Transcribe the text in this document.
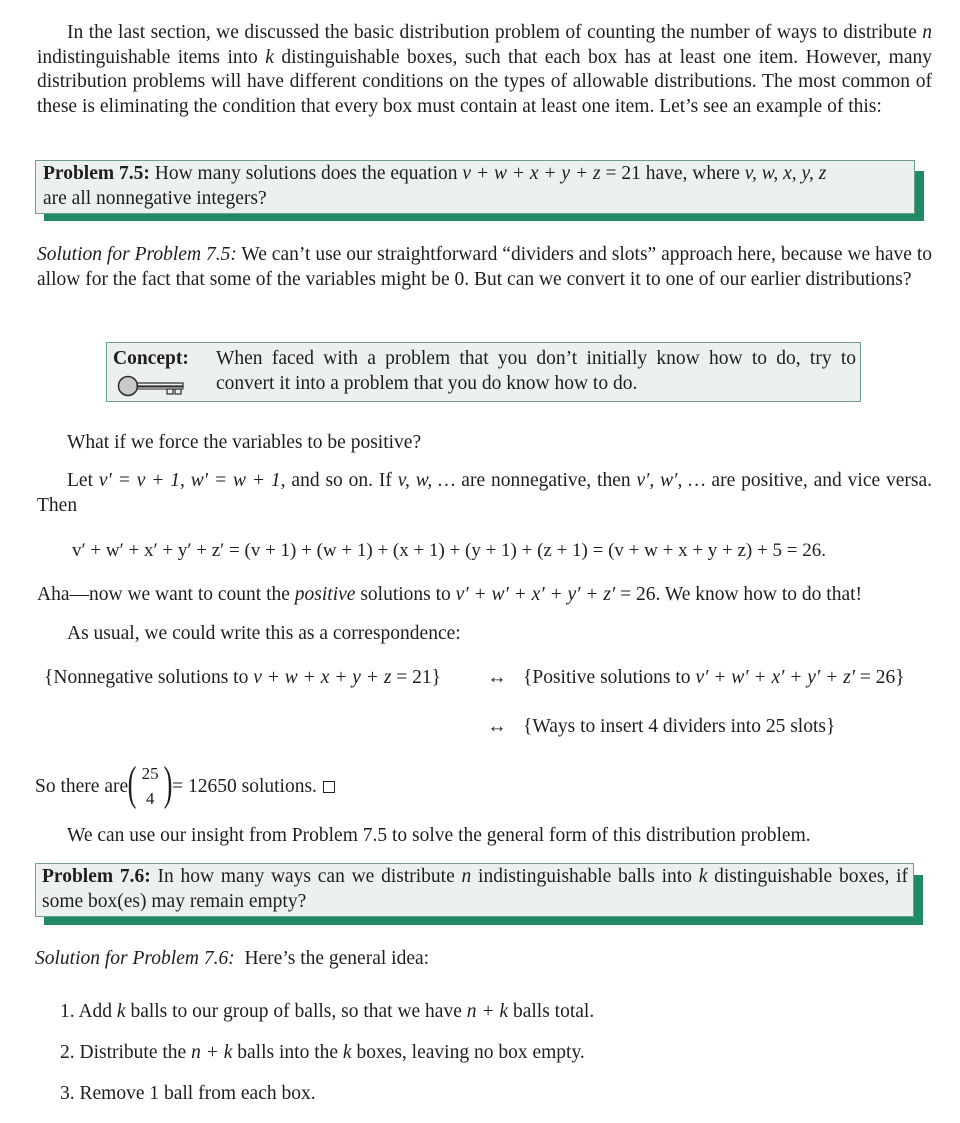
In the last section, we discussed the basic distribution problem of counting the number of ways to distribute n indistinguishable items into k distinguishable boxes, such that each box has at least one item. However, many distribution problems will have different conditions on the types of allowable distributions. The most common of these is eliminating the condition that every box must contain at least one item. Let’s see an example of this:
Problem 7.5: How many solutions does the equation v + w + x + y + z = 21 have, where v, w, x, y, z
are all nonnegative integers?
Solution for Problem 7.5: We can’t use our straightforward “dividers and slots” approach here, because we have to allow for the fact that some of the variables might be 0. But can we convert it to one of our earlier distributions?
Concept: When faced with a problem that you don’t initially know how to do, try to convert it into a problem that you do know how to do.
What if we force the variables to be positive?
Let v′ = v + 1, w′ = w + 1, and so on. If v, w, … are nonnegative, then v′, w′, … are positive, and vice versa. Then
v′ + w′ + x′ + y′ + z′ = (v + 1) + (w + 1) + (x + 1) + (y + 1) + (z + 1) = (v + w + x + y + z) + 5 = 26.
Aha—now we want to count the positive solutions to v′ + w′ + x′ + y′ + z′ = 26. We know how to do that!
As usual, we could write this as a correspondence:
{Nonnegative solutions to v + w + x + y + z = 21}	↔ {Positive solutions to v′ + w′ + x′ + y′ + z′ = 26}
↔ {Ways to insert 4 dividers into 25 slots}
So there are ( 25
4 ) = 12650 solutions.
We can use our insight from Problem 7.5 to solve the general form of this distribution problem.
Problem 7.6: In how many ways can we distribute n indistinguishable balls into k distinguishable boxes, if some box(es) may remain empty?
Solution for Problem 7.6:  Here’s the general idea:
1. Add k balls to our group of balls, so that we have n + k balls total.
2. Distribute the n + k balls into the k boxes, leaving no box empty.
3. Remove 1 ball from each box.
